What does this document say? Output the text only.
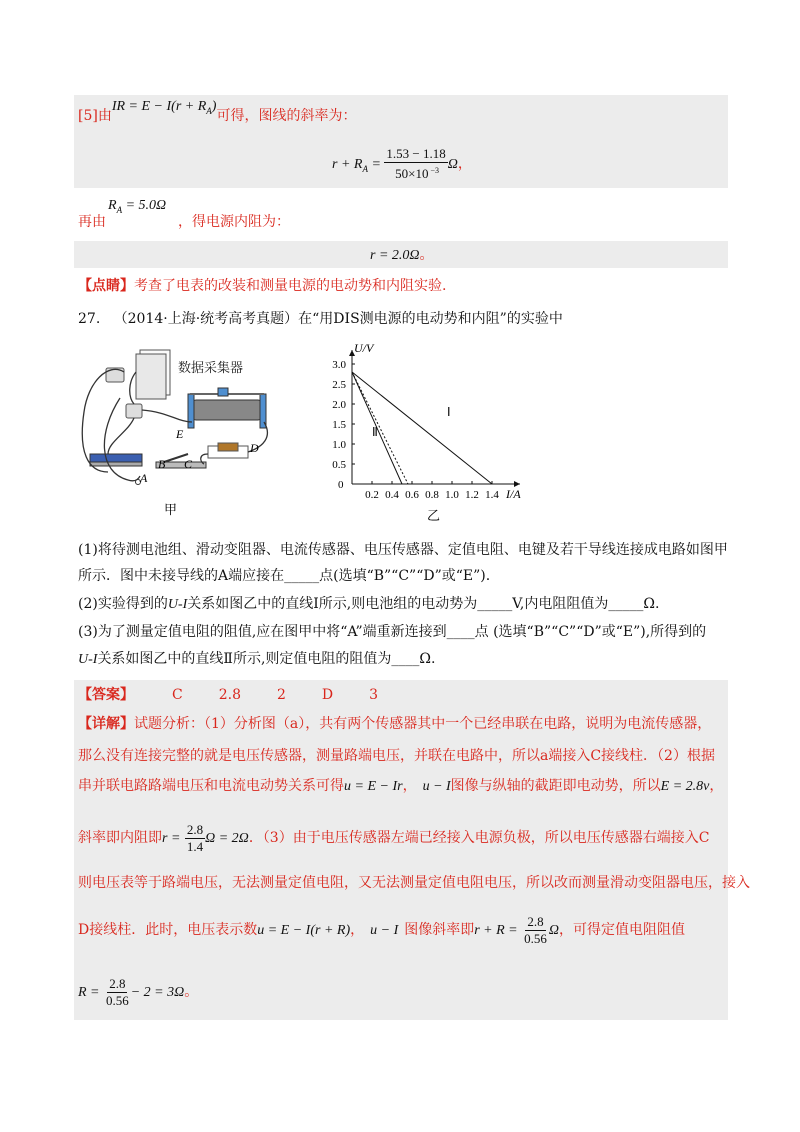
[5]由IR = $E - I(r + R_A)$可得，图线的斜率为：
$r + R_A = \frac{1.53 - 1.18}{50\times 10 ^{-3}}$ Ω，
$R_A = 5.0\Omega$
再由	，得电源内阻为：
r = 2.0Ω。
【点睛】考查了电表的改装和测量电源的电动势和内阻实验.
27. （2014·上海·统考高考真题）在“用DIS测电源的电动势和内阻”的实验中
数据采集器
E
B C
D
A
甲
0.2 0.4 0.6 0.8 1.0 1.2 1.4
0.5
1.0
1.5
2.0
2.5
3.0
0
U/V
I/A
乙
Ⅰ
Ⅱ
(1)将待测电池组、滑动变阻器、电流传感器、电压传感器、定值电阻、电键及若干导线连接成电路如图甲
所示．图中未接导线的A端应接在_____点(选填“B”“C”“D”或“E”).
(2)实验得到的U-I关系如图乙中的直线Ⅰ所示,则电池组的电动势为_____V,内电阻阻值为_____Ω.
(3)为了测量定值电阻的阻值,应在图甲中将“A”端重新连接到____点 (选填“B”“C”“D”或“E”),所得到的
U-I关系如图乙中的直线Ⅱ所示,则定值电阻的阻值为____Ω.
【答案】	C	2.8	2	D	3
【详解】试题分析：（1）分析图（a），共有两个传感器其中一个已经串联在电路，说明为电流传感器，
那么没有连接完整的就是电压传感器，测量路端电压，并联在电路中，所以a端接入C接线柱．（2）根据
串并联电路路端电压和电流电动势关系可得u = E − Ir， u − I图像与纵轴的截距即电动势，所以E = 2.8v，
斜率即内阻即$r = \frac{2.8}{1.4}$ Ω = 2Ω．（3）由于电压传感器左端已经接入电源负极，所以电压传感器右端接入C
则电压表等于路端电压，无法测量定值电阻，又无法测量定值电阻电压，所以改而测量滑动变阻器电压，接入
D接线柱．此时，电压表示数u = E − I(r + R)， u − I 图像斜率即$r + R = \frac{2.8}{0.56}$ Ω，可得定值电阻阻值
$R = \frac{2.8}{0.56} - 2 = 3\Omega$。
